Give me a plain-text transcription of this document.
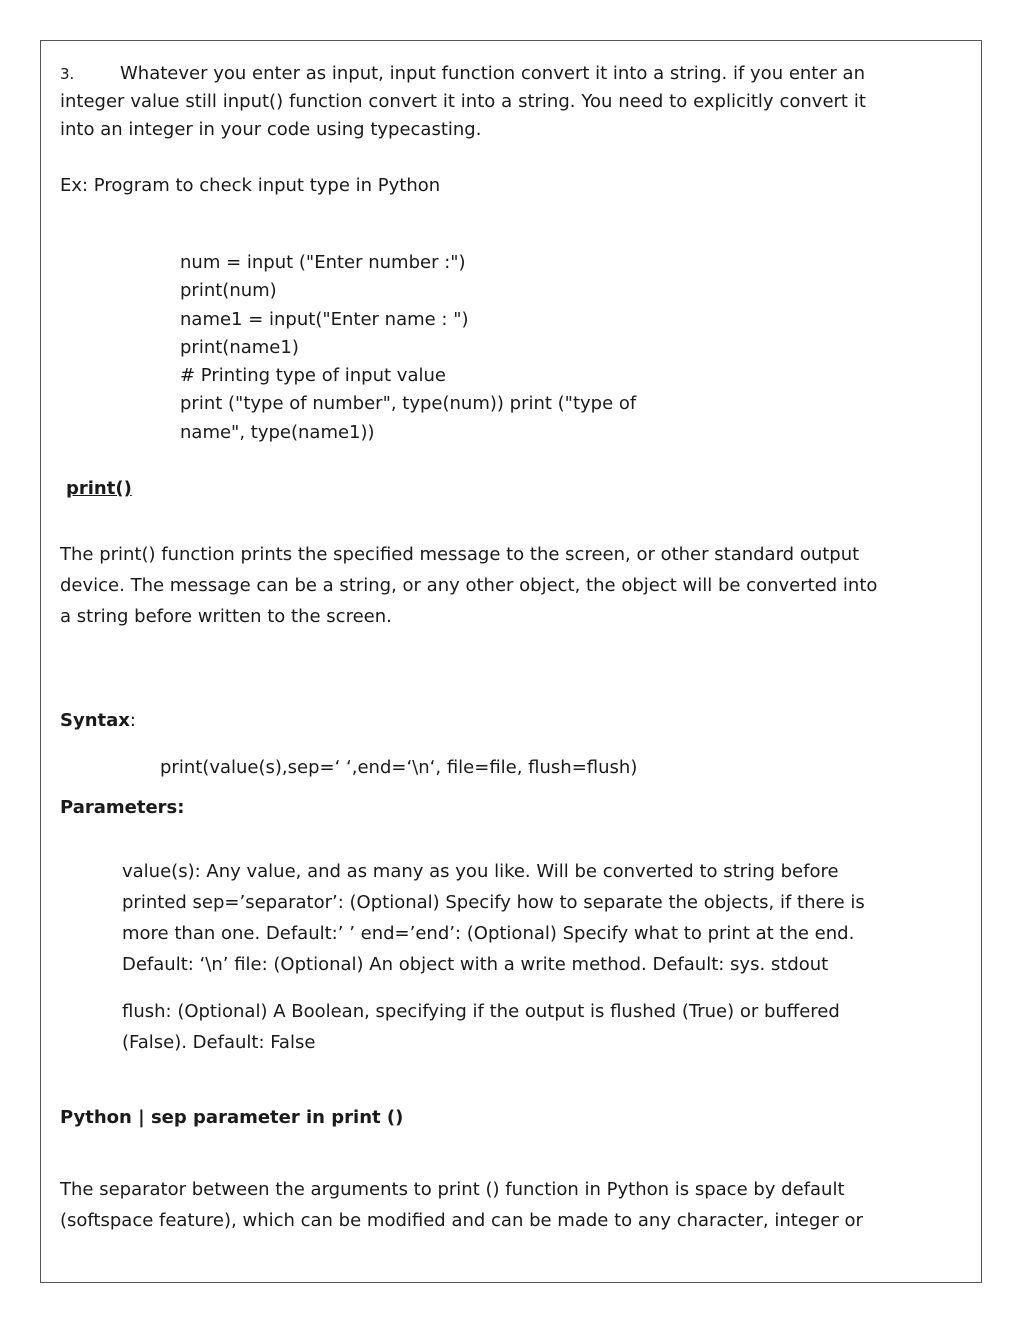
3.	Whatever you enter as input, input function convert it into a string. if you enter an
integer value still input() function convert it into a string. You need to explicitly convert it
into an integer in your code using typecasting.
Ex: Program to check input type in Python
num = input ("Enter number :")
print(num)
name1 = input("Enter name : ")
print(name1)
# Printing type of input value
print ("type of number", type(num)) print ("type of
name", type(name1))
print()
The print() function prints the specified message to the screen, or other standard output
device. The message can be a string, or any other object, the object will be converted into
a string before written to the screen.
Syntax:
print(value(s),sep=‘ ‘,end=‘\n‘, file=file, flush=flush)
Parameters:
value(s): Any value, and as many as you like. Will be converted to string before
printed sep=’separator’: (Optional) Specify how to separate the objects, if there is
more than one. Default:’ ’ end=’end’: (Optional) Specify what to print at the end.
Default: ‘\n’ file: (Optional) An object with a write method. Default: sys. stdout
flush: (Optional) A Boolean, specifying if the output is flushed (True) or buffered
(False). Default: False
Python | sep parameter in print ()
The separator between the arguments to print () function in Python is space by default
(softspace feature), which can be modified and can be made to any character, integer or
